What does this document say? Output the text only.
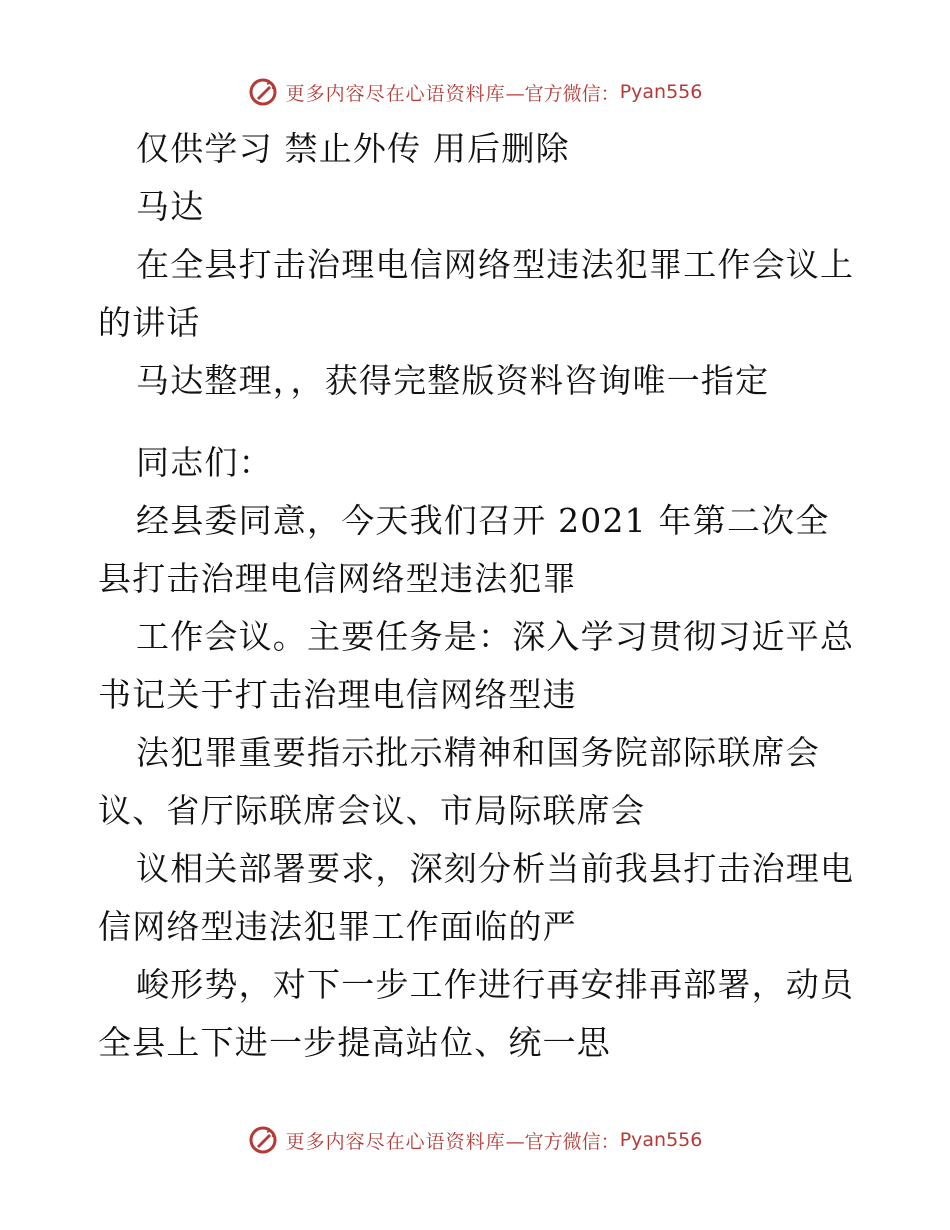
更多内容尽在心语资料库 —官方微信： Pyan556

仅供学习 禁止外传 用后删除

马达

在全县打击治理电信网络型违法犯罪工作会议上的讲话

马达整理，，获得完整版资料咨询唯一指定

同志们：

经县委同意，今天我们召开 2021 年第二次全县打击治理电信网络型违法犯罪

工作会议。主要任务是：深入学习贯彻习近平总书记关于打击治理电信网络型违

法犯罪重要指示批示精神和国务院部际联席会议、省厅际联席会议、市局际联席会

议相关部署要求，深刻分析当前我县打击治理电信网络型违法犯罪工作面临的严

峻形势，对下一步工作进行再安排再部署，动员全县上下进一步提高站位、统一思

更多内容尽在心语资料库 —官方微信： Pyan556
